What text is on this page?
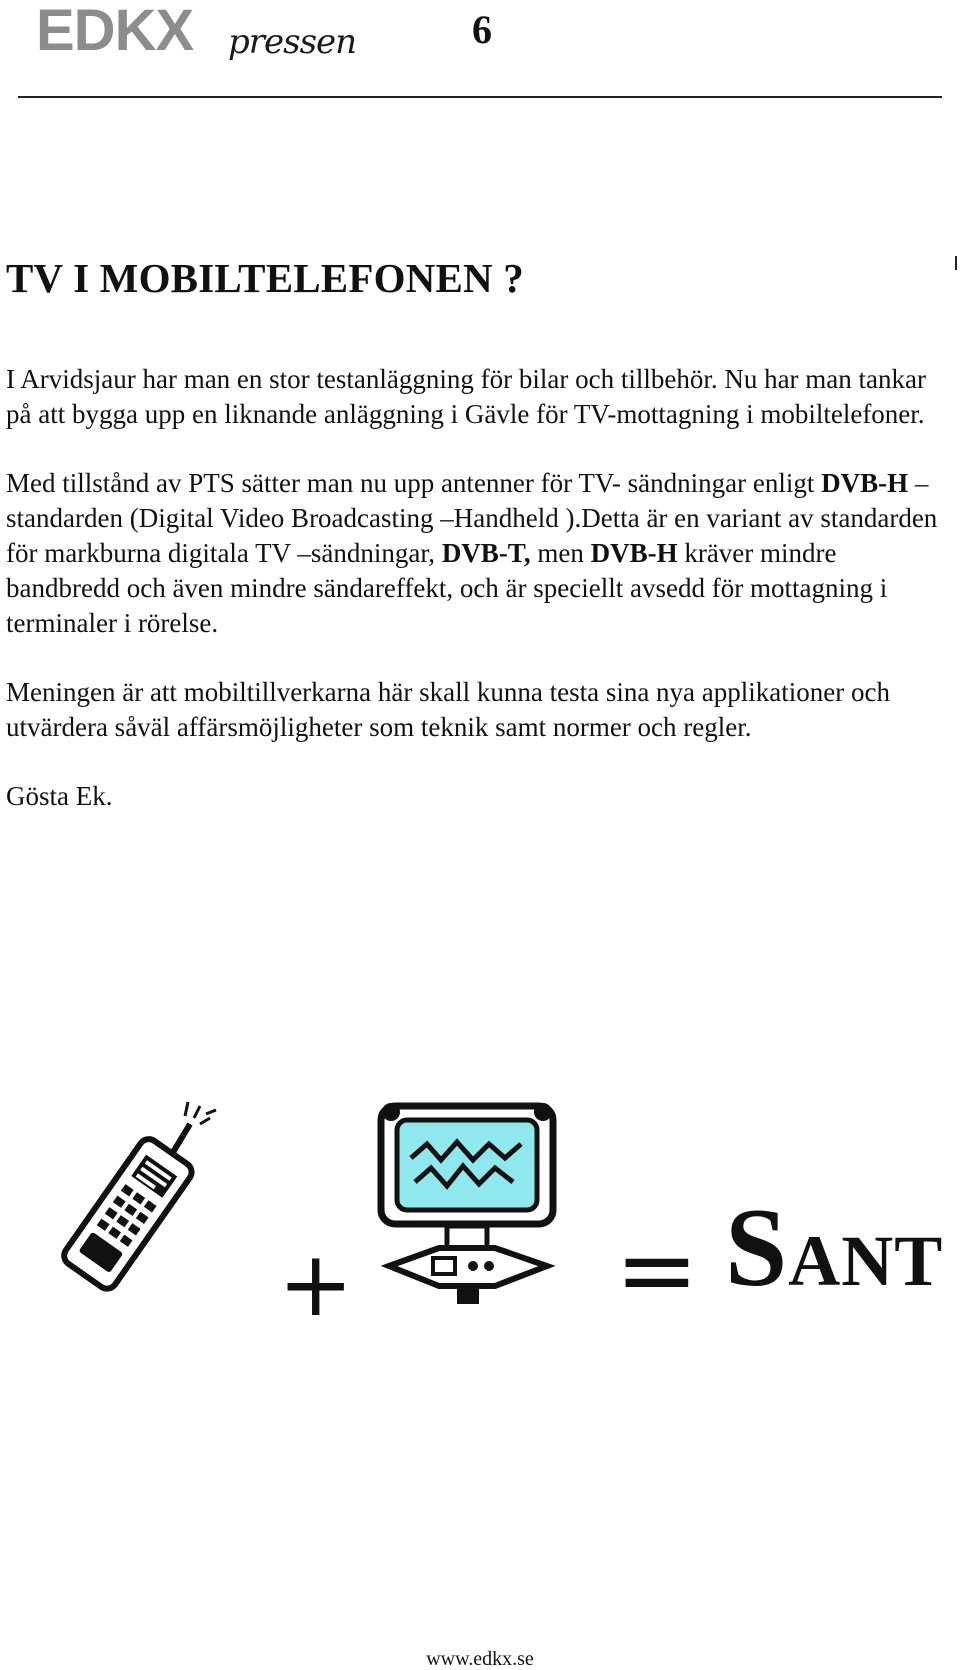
EDKX pressen	6
TV I MOBILTELEFONEN ?

I Arvidsjaur har man en stor testanläggning för bilar och tillbehör. Nu har man tankar på att bygga upp en liknande anläggning i Gävle för TV-mottagning i mobiltelefoner.

Med tillstånd av PTS sätter man nu upp antenner för TV- sändningar enligt DVB-H –standarden (Digital Video Broadcasting –Handheld ).Detta är en variant av standarden för markburna digitala TV –sändningar, DVB-T, men DVB-H kräver mindre bandbredd och även mindre sändareffekt, och är speciellt avsedd för mottagning i terminaler i rörelse.

Meningen är att mobiltillverkarna här skall kunna testa sina nya applikationer och utvärdera såväl affärsmöjligheter som teknik samt normer och regler.

Gösta Ek.

+	= SANT
www.edkx.se
